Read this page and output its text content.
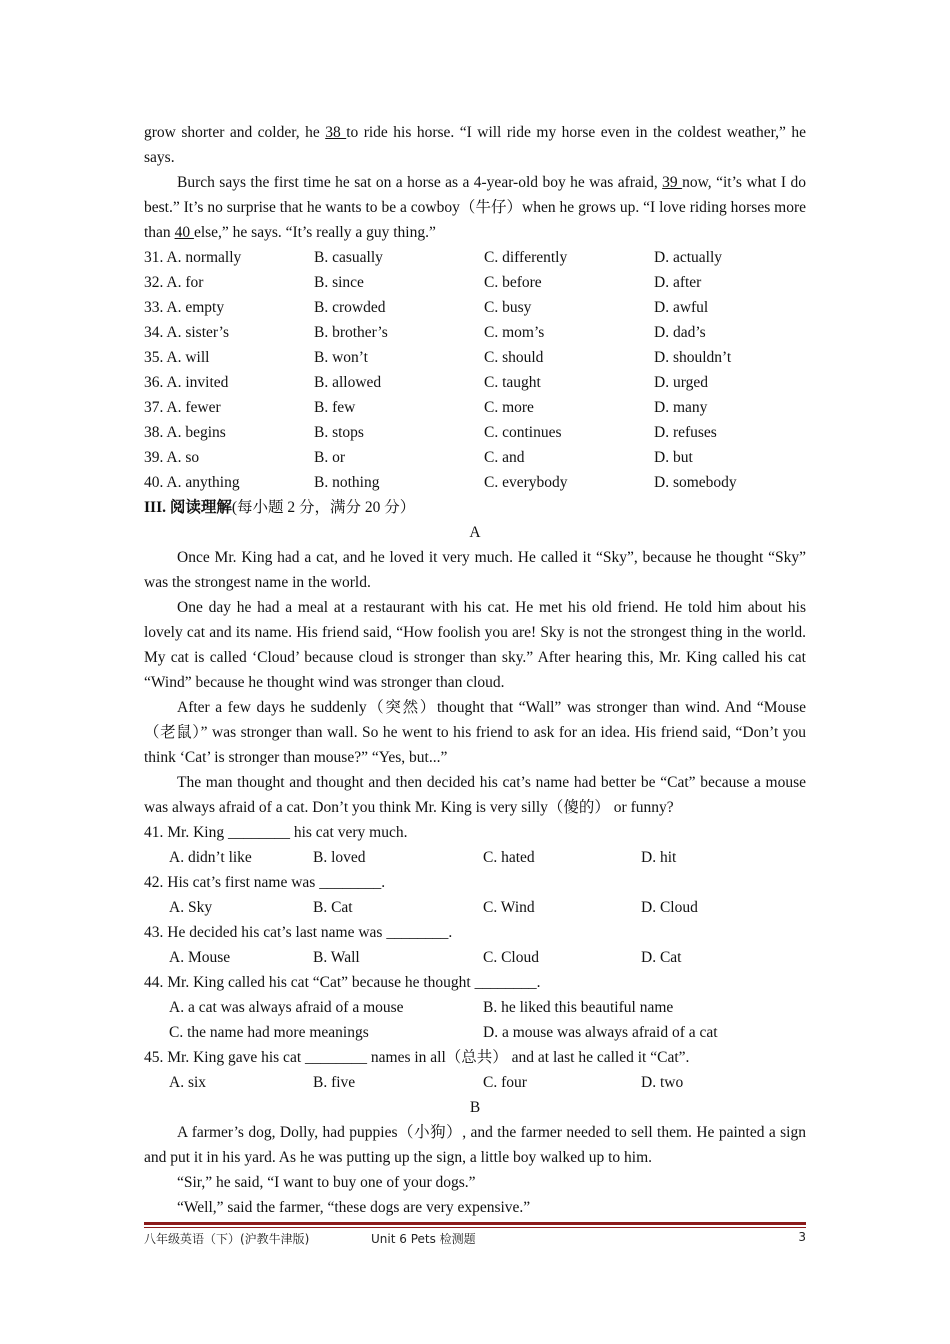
grow shorter and colder, he 38 to ride his horse. “I will ride my horse even in the coldest weather,” he says.

Burch says the first time he sat on a horse as a 4-year-old boy he was afraid, 39 now, “it’s what I do best.” It’s no surprise that he wants to be a cowboy（牛仔）when he grows up. “I love riding horses more than 40 else,” he says. “It’s really a guy thing.”

31. A. normally	B. casually	C. differently	D. actually
32. A. for	B. since	C. before	D. after
33. A. empty	B. crowded	C. busy	D. awful
34. A. sister’s	B. brother’s	C. mom’s	D. dad’s
35. A. will	B. won’t	C. should	D. shouldn’t
36. A. invited	B. allowed	C. taught	D. urged
37. A. fewer	B. few	C. more	D. many
38. A. begins	B. stops	C. continues	D. refuses
39. A. so	B. or	C. and	D. but
40. A. anything	B. nothing	C. everybody	D. somebody
III. 阅读理解(每小题 2 分，满分 20 分）
A

Once Mr. King had a cat, and he loved it very much. He called it “Sky”, because he thought “Sky” was the strongest name in the world.

One day he had a meal at a restaurant with his cat. He met his old friend. He told him about his lovely cat and its name. His friend said, “How foolish you are! Sky is not the strongest thing in the world. My cat is called ‘Cloud’ because cloud is stronger than sky.” After hearing this, Mr. King called his cat “Wind” because he thought wind was stronger than cloud.

After a few days he suddenly（突然）thought that “Wall” was stronger than wind. And “Mouse（老鼠）” was stronger than wall. So he went to his friend to ask for an idea. His friend said, “Don’t you think ‘Cat’ is stronger than mouse?” “Yes, but...”

The man thought and thought and then decided his cat’s name had better be “Cat” because a mouse was always afraid of a cat. Don’t you think Mr. King is very silly（傻的） or funny?

41. Mr. King ________ his cat very much.
A. didn’t like	B. loved	C. hated	D. hit
42. His cat’s first name was ________.
A. Sky	B. Cat	C. Wind	D. Cloud
43. He decided his cat’s last name was ________.
A. Mouse	B. Wall	C. Cloud	D. Cat
44. Mr. King called his cat “Cat” because he thought ________.
A. a cat was always afraid of a mouse	B. he liked this beautiful name
C. the name had more meanings	D. a mouse was always afraid of a cat
45. Mr. King gave his cat ________ names in all（总共） and at last he called it “Cat”.
A. six	B. five	C. four	D. two
B

A farmer’s dog, Dolly, had puppies（小狗）, and the farmer needed to sell them. He painted a sign and put it in his yard. As he was putting up the sign, a little boy walked up to him.

“Sir,” he said, “I want to buy one of your dogs.”

“Well,” said the farmer, “these dogs are very expensive.”

八年级英语（下）(沪教牛津版)	Unit 6 Pets 检测题	3
